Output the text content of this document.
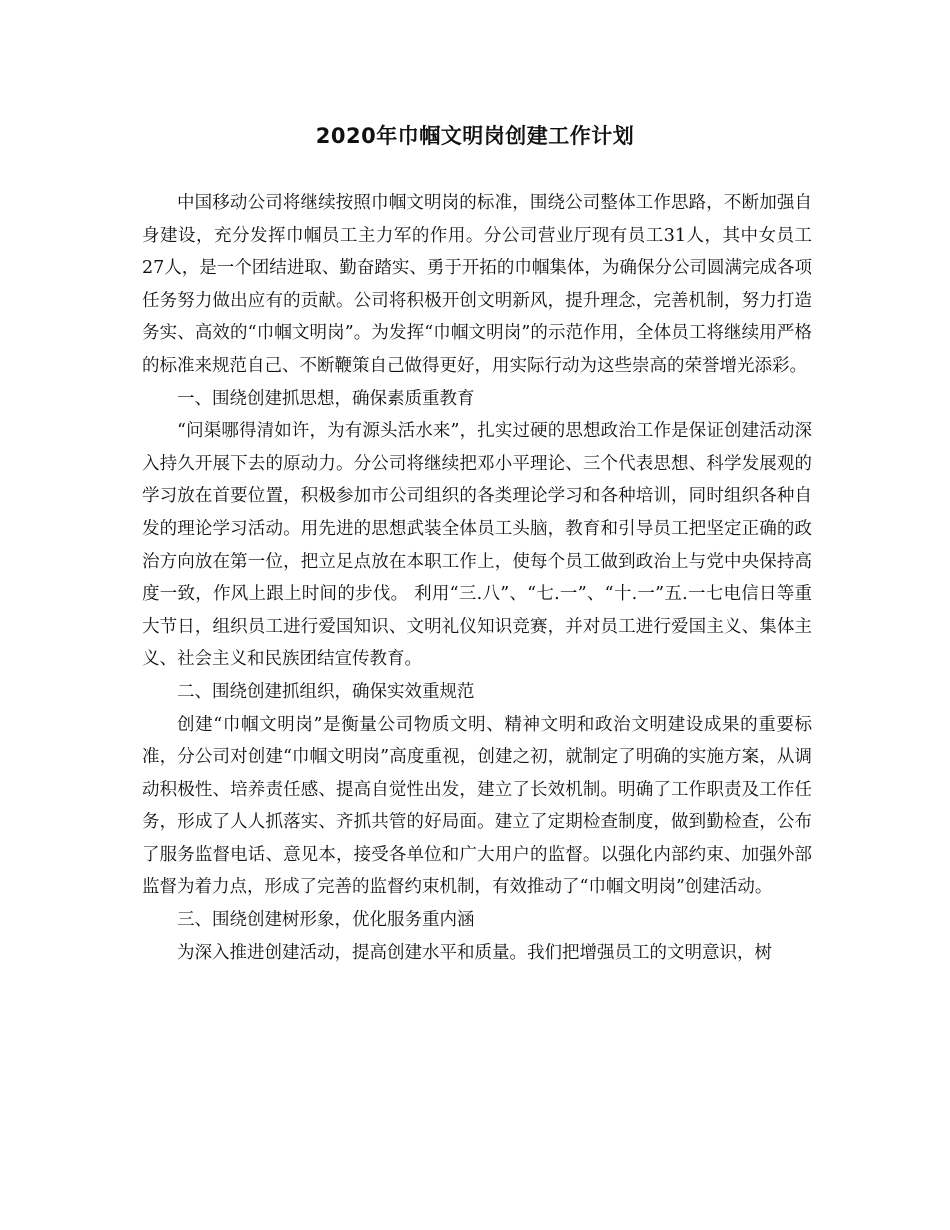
2020年巾帼文明岗创建工作计划

中国移动公司将继续按照巾帼文明岗的标准，围绕公司整体工作思路，不断加强自身建设，充分发挥巾帼员工主力军的作用。分公司营业厅现有员工31人，其中女员工27人，是一个团结进取、勤奋踏实、勇于开拓的巾帼集体，为确保分公司圆满完成各项任务努力做出应有的贡献。公司将积极开创文明新风，提升理念，完善机制，努力打造务实、高效的“巾帼文明岗”。为发挥“巾帼文明岗”的示范作用，全体员工将继续用严格的标准来规范自己、不断鞭策自己做得更好，用实际行动为这些崇高的荣誉增光添彩。

一、围绕创建抓思想，确保素质重教育

“问渠哪得清如许，为有源头活水来”，扎实过硬的思想政治工作是保证创建活动深入持久开展下去的原动力。分公司将继续把邓小平理论、三个代表思想、科学发展观的学习放在首要位置，积极参加市公司组织的各类理论学习和各种培训，同时组织各种自发的理论学习活动。用先进的思想武装全体员工头脑，教育和引导员工把坚定正确的政治方向放在第一位，把立足点放在本职工作上，使每个员工做到政治上与党中央保持高度一致，作风上跟上时间的步伐。 利用“三.八”、“七.一”、“十.一”五.一七电信日等重大节日，组织员工进行爱国知识、文明礼仪知识竞赛，并对员工进行爱国主义、集体主义、社会主义和民族团结宣传教育。

二、围绕创建抓组织，确保实效重规范

创建“巾帼文明岗”是衡量公司物质文明、精神文明和政治文明建设成果的重要标准，分公司对创建“巾帼文明岗”高度重视，创建之初，就制定了明确的实施方案，从调动积极性、培养责任感、提高自觉性出发，建立了长效机制。明确了工作职责及工作任务，形成了人人抓落实、齐抓共管的好局面。建立了定期检查制度，做到勤检查，公布了服务监督电话、意见本，接受各单位和广大用户的监督。以强化内部约束、加强外部监督为着力点，形成了完善的监督约束机制，有效推动了“巾帼文明岗”创建活动。

三、围绕创建树形象，优化服务重内涵

为深入推进创建活动，提高创建水平和质量。我们把增强员工的文明意识，树
